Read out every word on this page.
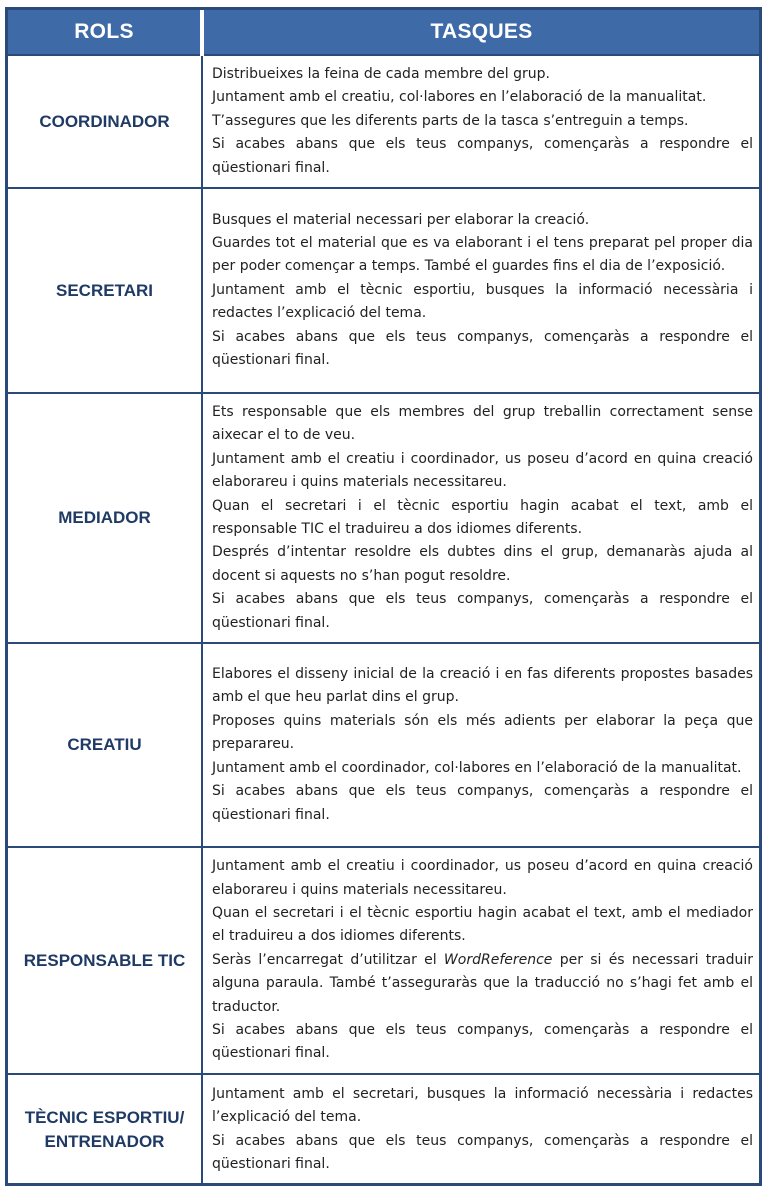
ROLS	TASQUES
COORDINADOR	Distribueixes la feina de cada membre del grup.
Juntament amb el creatiu, col·labores en l’elaboració de la manualitat.
T’assegures que les diferents parts de la tasca s’entreguin a temps.
Si acabes abans que els teus companys, començaràs a respondre el qüestionari final.

SECRETARI	Busques el material necessari per elaborar la creació.
Guardes tot el material que es va elaborant i el tens preparat pel proper dia per poder començar a temps. També el guardes fins el dia de l’exposició.
Juntament amb el tècnic esportiu, busques la informació necessària i redactes l’explicació del tema.
Si acabes abans que els teus companys, començaràs a respondre el qüestionari final.

MEDIADOR	Ets responsable que els membres del grup treballin correctament sense aixecar el to de veu.
Juntament amb el creatiu i coordinador, us poseu d’acord en quina creació elaborareu i quins materials necessitareu.
Quan el secretari i el tècnic esportiu hagin acabat el text, amb el responsable TIC el traduireu a dos idiomes diferents.
Després d’intentar resoldre els dubtes dins el grup, demanaràs ajuda al docent si aquests no s’han pogut resoldre.
Si acabes abans que els teus companys, començaràs a respondre el qüestionari final.

CREATIU	Elabores el disseny inicial de la creació i en fas diferents propostes basades amb el que heu parlat dins el grup.
Proposes quins materials són els més adients per elaborar la peça que preparareu.
Juntament amb el coordinador, col·labores en l’elaboració de la manualitat.
Si acabes abans que els teus companys, començaràs a respondre el qüestionari final.

RESPONSABLE TIC	Juntament amb el creatiu i coordinador, us poseu d’acord en quina creació elaborareu i quins materials necessitareu.
Quan el secretari i el tècnic esportiu hagin acabat el text, amb el mediador el traduireu a dos idiomes diferents.
Seràs l’encarregat d’utilitzar el WordReference per si és necessari traduir alguna paraula. També t’asseguraràs que la traducció no s’hagi fet amb el traductor.
Si acabes abans que els teus companys, començaràs a respondre el qüestionari final.

TÈCNIC ESPORTIU/
ENTRENADOR	Juntament amb el secretari, busques la informació necessària i redactes l’explicació del tema.
Si acabes abans que els teus companys, començaràs a respondre el qüestionari final.
